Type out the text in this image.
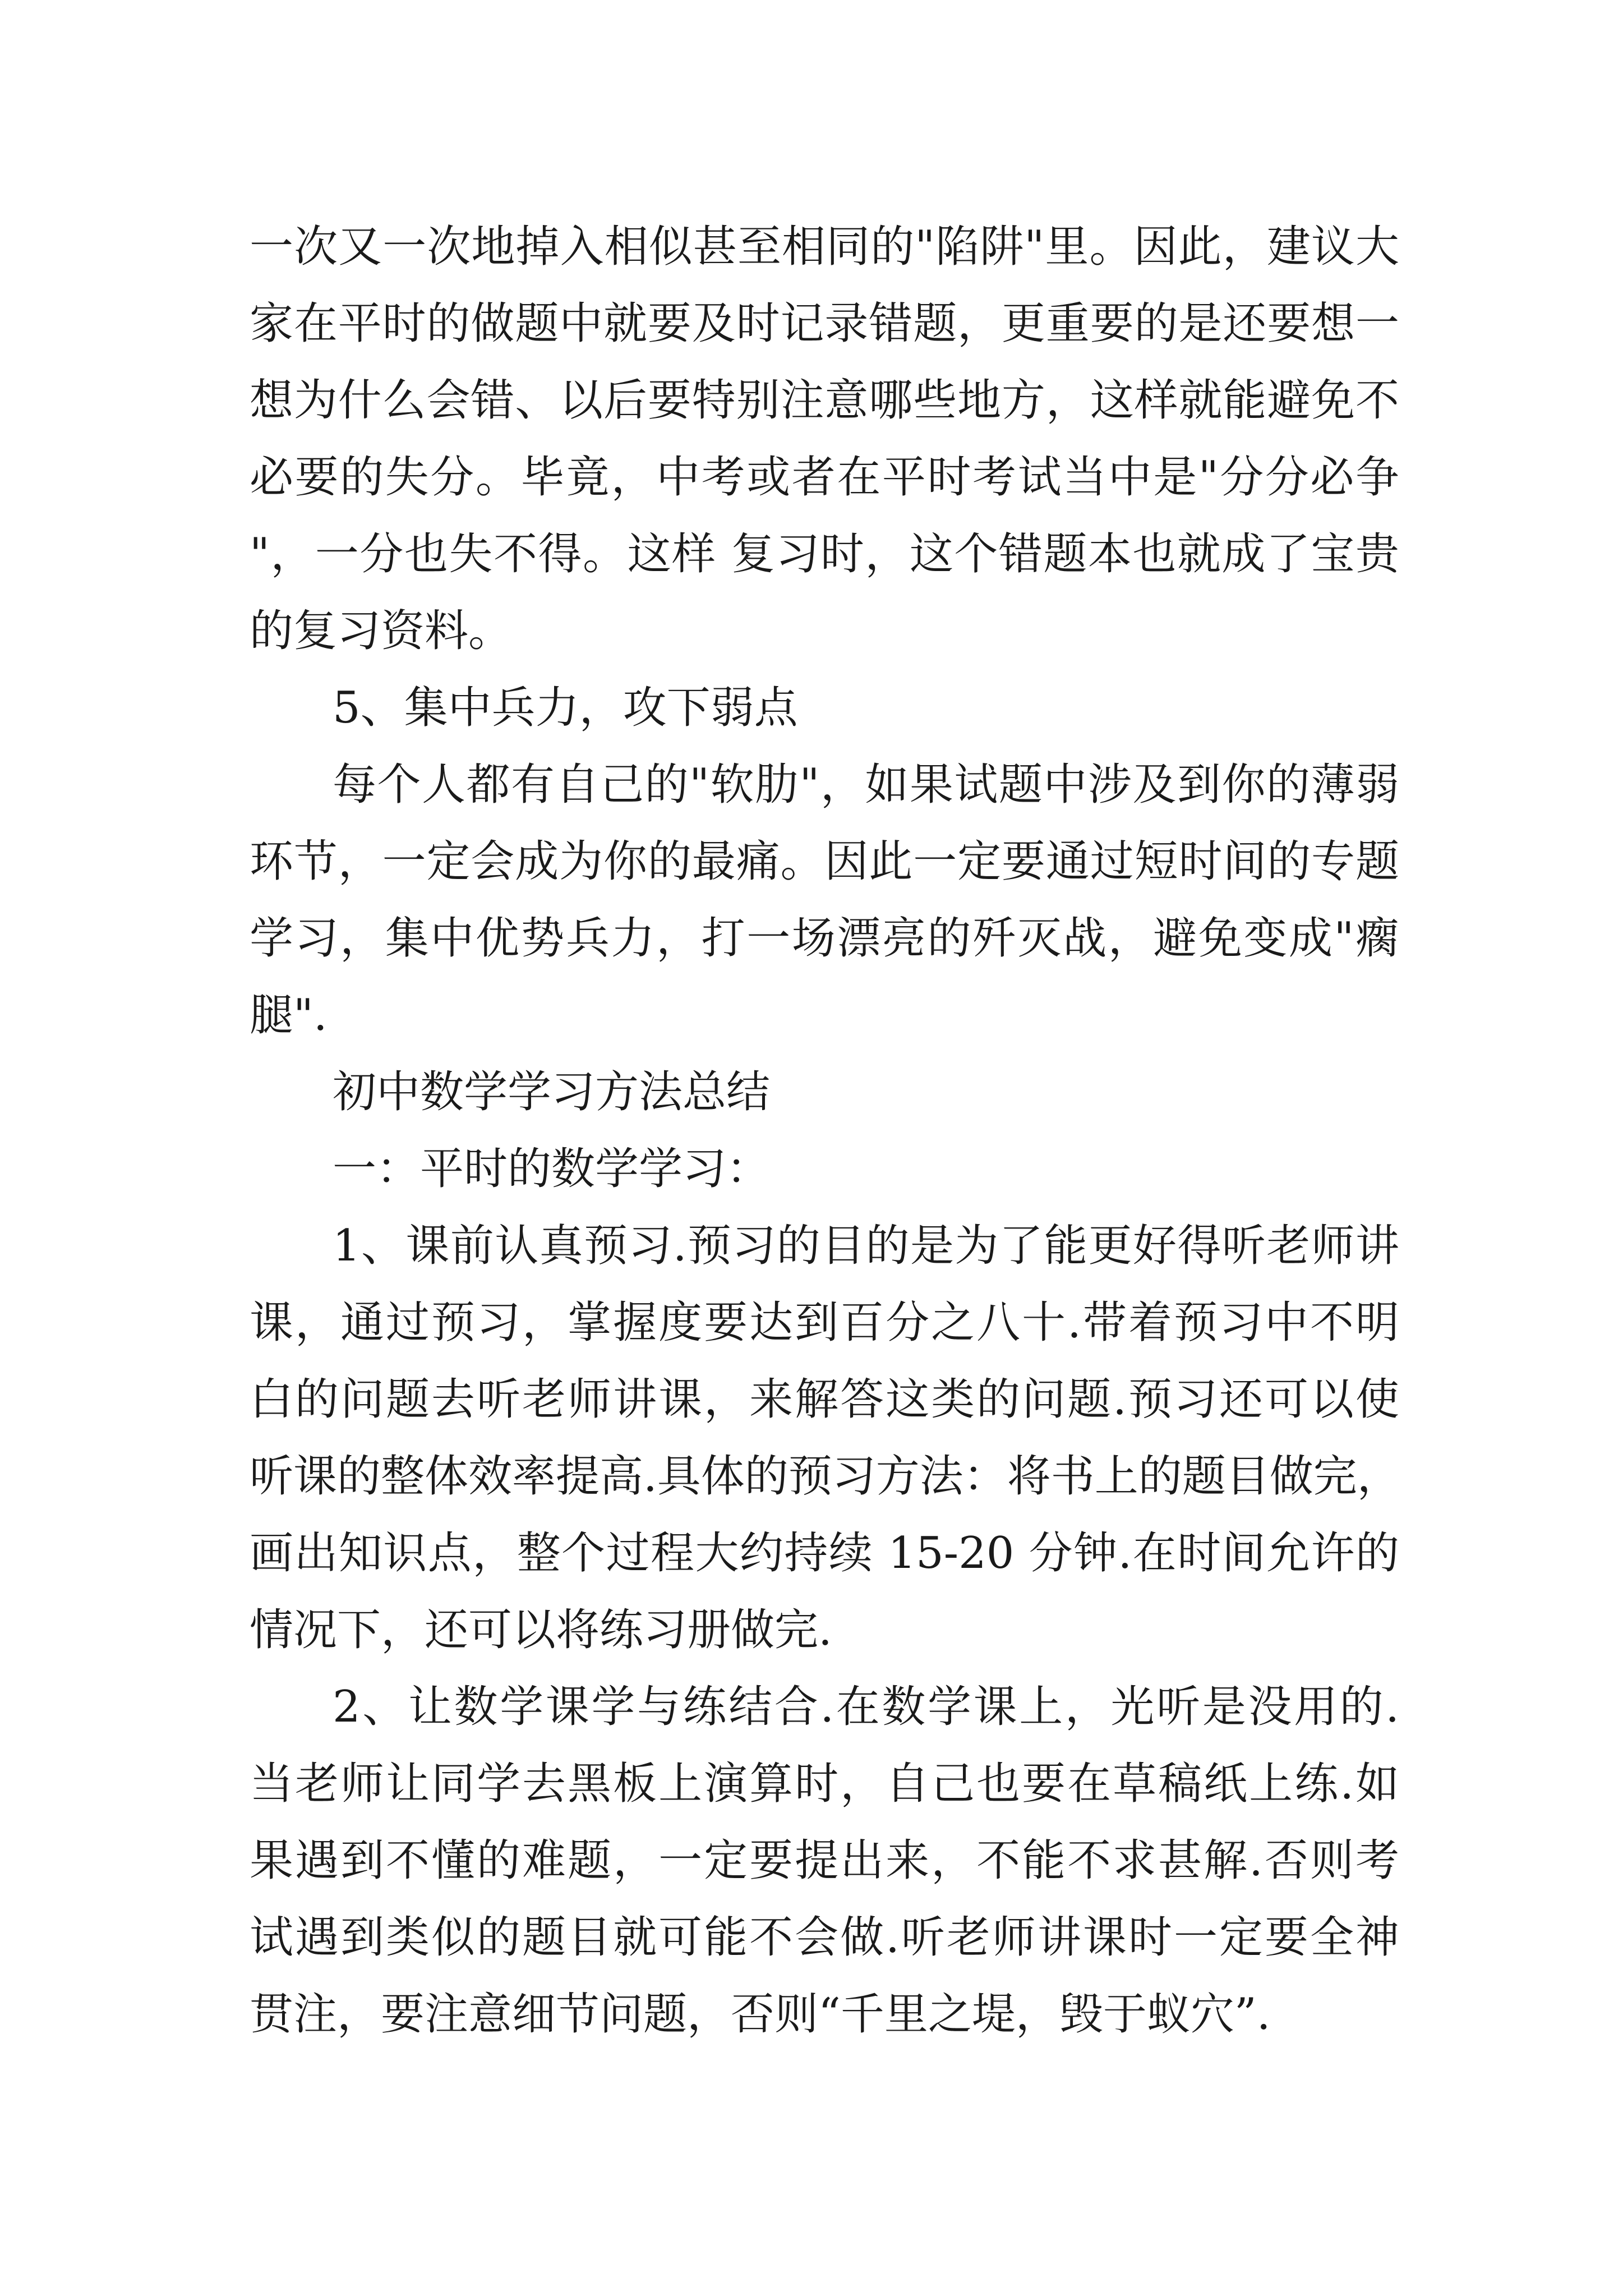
一次又一次地掉入相似甚至相同的"陷阱"里。因此，建议大
家在平时的做题中就要及时记录错题，更重要的是还要想一
想为什么会错、以后要特别注意哪些地方，这样就能避免不
必要的失分。毕竟，中考或者在平时考试当中是"分分必争
"，一分也失不得。这样 复习时，这个错题本也就成了宝贵
的复习资料。
5、集中兵力，攻下弱点
每个人都有自己的"软肋"，如果试题中涉及到你的薄弱
环节，一定会成为你的最痛。因此一定要通过短时间的专题
学习，集中优势兵力，打一场漂亮的歼灭战，避免变成"瘸
腿".
初中数学学习方法总结
一：平时的数学学习：
1、课前认真预习.预习的目的是为了能更好得听老师讲
课，通过预习，掌握度要达到百分之八十.带着预习中不明
白的问题去听老师讲课，来解答这类的问题.预习还可以使
听课的整体效率提高.具体的预习方法：将书上的题目做完，
画出知识点，整个过程大约持续 15-20 分钟.在时间允许的
情况下，还可以将练习册做完.
2、让数学课学与练结合.在数学课上，光听是没用的.
当老师让同学去黑板上演算时，自己也要在草稿纸上练.如
果遇到不懂的难题，一定要提出来，不能不求甚解.否则考
试遇到类似的题目就可能不会做.听老师讲课时一定要全神
贯注，要注意细节问题，否则“千里之堤，毁于蚁穴”.
